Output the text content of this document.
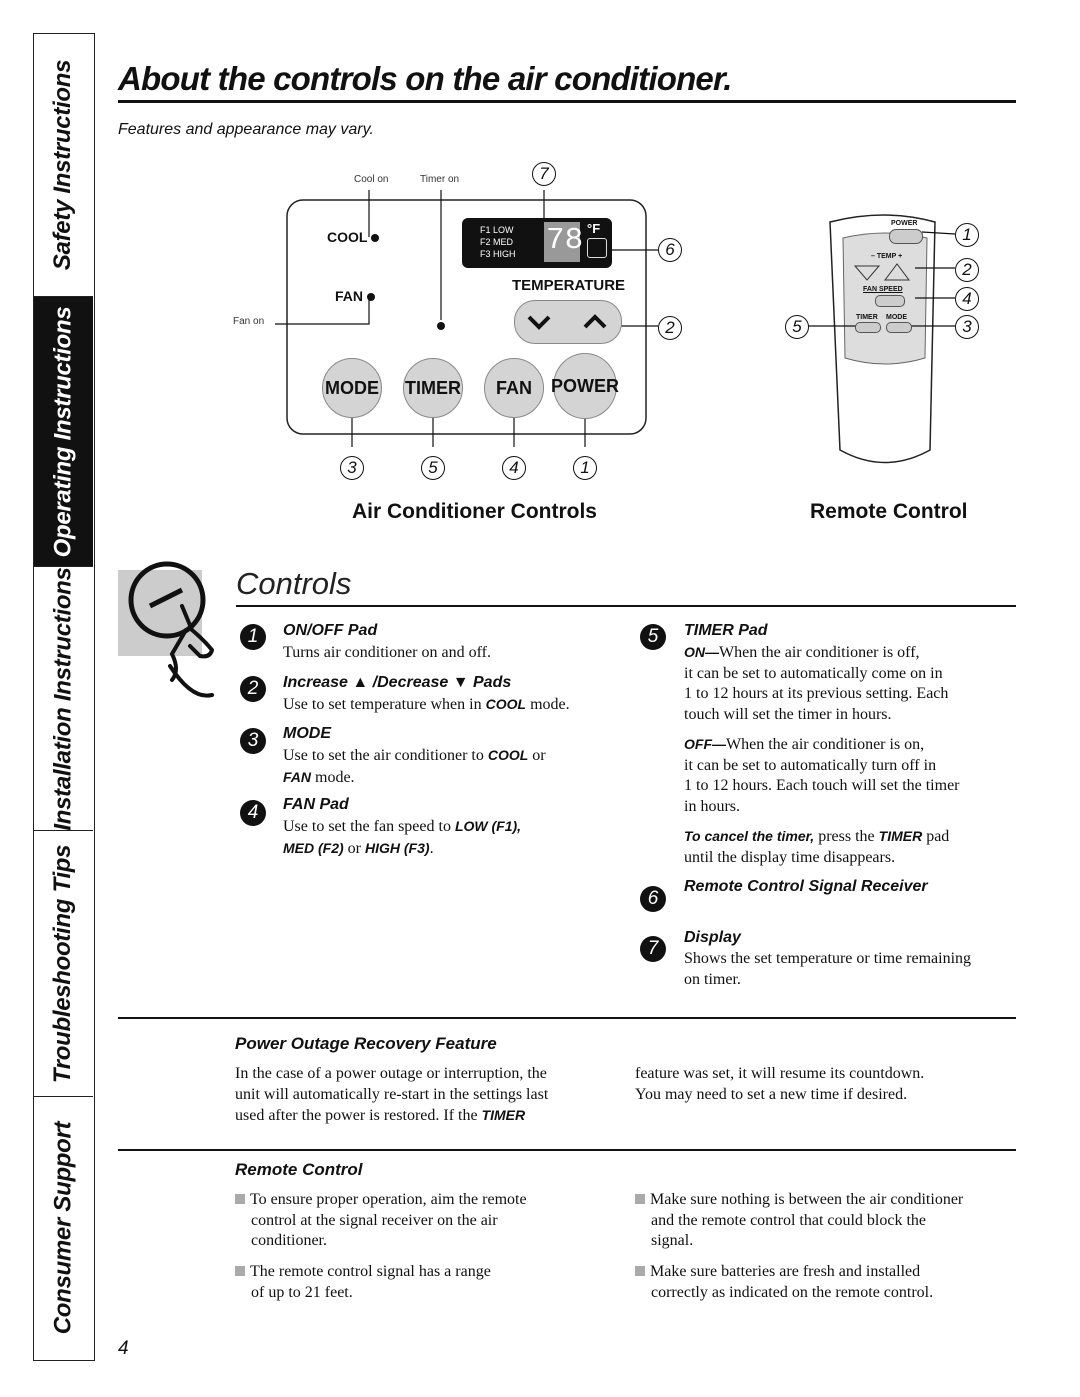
Safety Instructions
Operating Instructions
Installation Instructions
Troubleshooting Tips
Consumer Support
About the controls on the air conditioner.
Features and appearance may vary.
Cool on	Timer on
Fan on
COOL
FAN
F1 LOW
F2 MED
F3 HIGH 78 °F
TEMPERATURE
7
6
2
MODE TIMER	FAN	POWER
3	5	4	1
Air Conditioner Controls
POWER
– TEMP +
FAN SPEED
TIMER MODE
1
2
4
3
5
Remote Control
Controls
1	ON/OFF Pad
Turns air conditioner on and off.
2	Increase ▲ /Decrease ▼ Pads
Use to set temperature when in COOL mode.
3	MODE
Use to set the air conditioner to COOL or
FAN mode.
4	FAN Pad
Use to set the fan speed to LOW (F1),
MED (F2) or HIGH (F3).
5	TIMER Pad
ON—When the air conditioner is off,
it can be set to automatically come on in
1 to 12 hours at its previous setting. Each
touch will set the timer in hours.
OFF—When the air conditioner is on,
it can be set to automatically turn off in
1 to 12 hours. Each touch will set the timer
in hours.
To cancel the timer, press the TIMER pad
until the display time disappears.
6
Remote Control Signal Receiver
7
Display
Shows the set temperature or time remaining
on timer.
Power Outage Recovery Feature
In the case of a power outage or interruption, the
unit will automatically re-start in the settings last
used after the power is restored. If the TIMER
feature was set, it will resume its countdown.
You may need to set a new time if desired.
Remote Control
To ensure proper operation, aim the remote
control at the signal receiver on the air
conditioner.
The remote control signal has a range
of up to 21 feet.
Make sure nothing is between the air conditioner
and the remote control that could block the
signal.
Make sure batteries are fresh and installed
correctly as indicated on the remote control.
4
